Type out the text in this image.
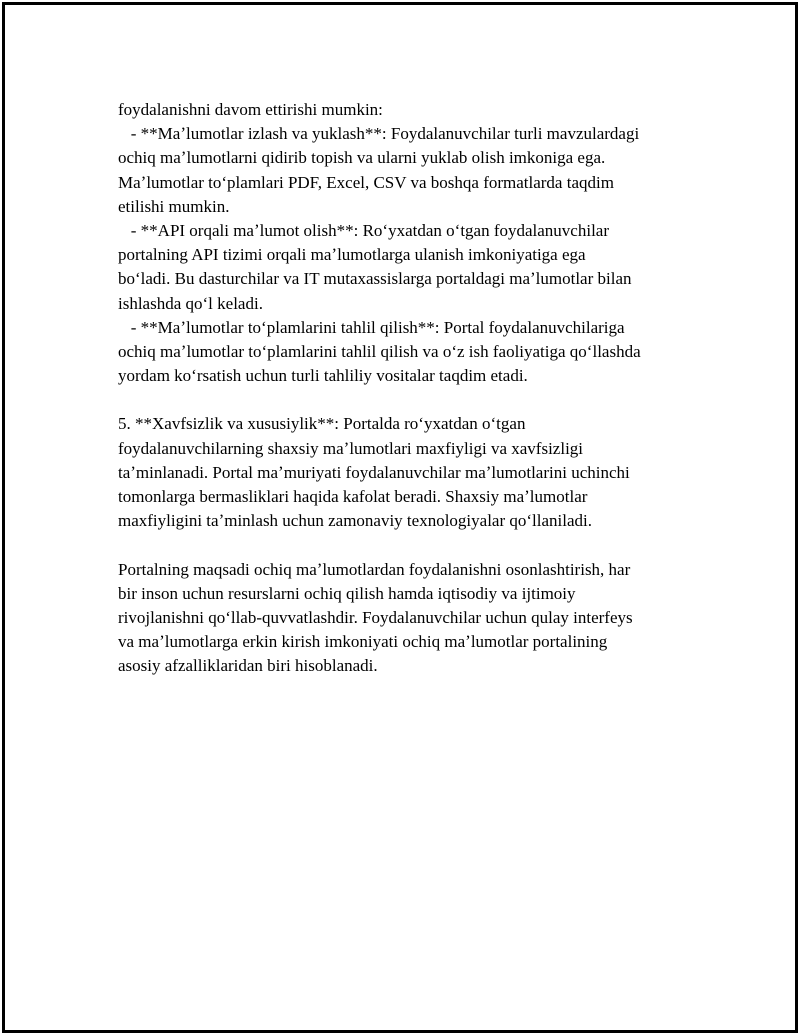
foydalanishni davom ettirishi mumkin:
- **Maʼlumotlar izlash va yuklash**: Foydalanuvchilar turli mavzulardagi
ochiq maʼlumotlarni qidirib topish va ularni yuklab olish imkoniga ega.
Maʼlumotlar toʻplamlari PDF, Excel, CSV va boshqa formatlarda taqdim
etilishi mumkin.
- **API orqali maʼlumot olish**: Roʻyxatdan oʻtgan foydalanuvchilar
portalning API tizimi orqali maʼlumotlarga ulanish imkoniyatiga ega
boʻladi. Bu dasturchilar va IT mutaxassislarga portaldagi maʼlumotlar bilan
ishlashda qoʻl keladi.
- **Maʼlumotlar toʻplamlarini tahlil qilish**: Portal foydalanuvchilariga
ochiq maʼlumotlar toʻplamlarini tahlil qilish va oʻz ish faoliyatiga qoʻllashda
yordam koʻrsatish uchun turli tahliliy vositalar taqdim etadi.
5. **Xavfsizlik va xususiylik**: Portalda roʻyxatdan oʻtgan
foydalanuvchilarning shaxsiy maʼlumotlari maxfiyligi va xavfsizligi
taʼminlanadi. Portal maʼmuriyati foydalanuvchilar maʼlumotlarini uchinchi
tomonlarga bermasliklari haqida kafolat beradi. Shaxsiy maʼlumotlar
maxfiyligini taʼminlash uchun zamonaviy texnologiyalar qoʻllaniladi.
Portalning maqsadi ochiq maʼlumotlardan foydalanishni osonlashtirish, har
bir inson uchun resurslarni ochiq qilish hamda iqtisodiy va ijtimoiy
rivojlanishni qoʻllab-quvvatlashdir. Foydalanuvchilar uchun qulay interfeys
va maʼlumotlarga erkin kirish imkoniyati ochiq maʼlumotlar portalining
asosiy afzalliklaridan biri hisoblanadi.
